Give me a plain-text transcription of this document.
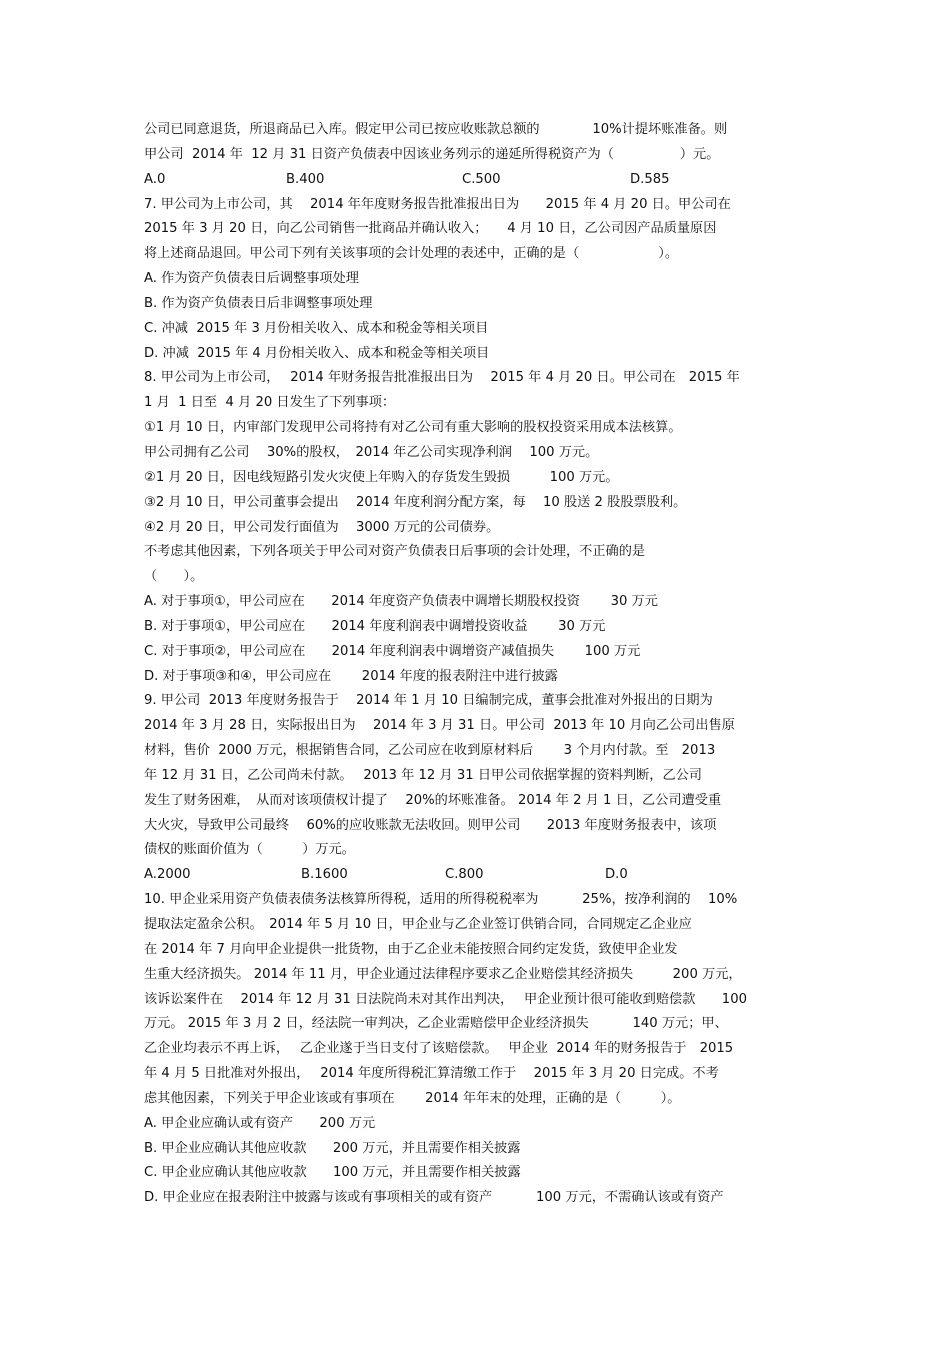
公司已同意退货，所退商品已入库。假定甲公司已按应收账款总额的　　　　10%计提坏账准备。则
甲公司  2014 年  12 月 31 日资产负债表中因该业务列示的递延所得税资产为（　　　　　）元。
A.0	B.400	C.500	D.585
7. 甲公司为上市公司，其　 2014 年年度财务报告批准报出日为　　2015 年 4 月 20 日。甲公司在
2015 年 3 月 20 日，向乙公司销售一批商品并确认收入；　　4 月 10 日，乙公司因产品质量原因
将上述商品退回。甲公司下列有关该事项的会计处理的表述中，正确的是（　　　　　　）。
A. 作为资产负债表日后调整事项处理
B. 作为资产负债表日后非调整事项处理
C. 冲减  2015 年 3 月份相关收入、成本和税金等相关项目
D. 冲减  2015 年 4 月份相关收入、成本和税金等相关项目
8. 甲公司为上市公司，　 2014 年财务报告批准报出日为　 2015 年 4 月 20 日。甲公司在　2015 年
1 月  1 日至  4 月 20 日发生了下列事项：
①1 月 10 日，内审部门发现甲公司将持有对乙公司有重大影响的股权投资采用成本法核算。
甲公司拥有乙公司　 30%的股权，　2014 年乙公司实现净利润　 100 万元。
②1 月 20 日，因电线短路引发火灾使上年购入的存货发生毁损　　　100 万元。
③2 月 10 日，甲公司董事会提出　 2014 年度利润分配方案，每　 10 股送 2 股股票股利。
④2 月 20 日，甲公司发行面值为　 3000 万元的公司债券。
不考虑其他因素，下列各项关于甲公司对资产负债表日后事项的会计处理，不正确的是
（　　）。
A. 对于事项①，甲公司应在　　2014 年度资产负债表中调增长期股权投资　　 30 万元
B. 对于事项①，甲公司应在　　2014 年度利润表中调增投资收益　　 30 万元
C. 对于事项②，甲公司应在　　2014 年度利润表中调增资产减值损失　　 100 万元
D. 对于事项③和④，甲公司应在　　 2014 年度的报表附注中进行披露
9. 甲公司  2013 年度财务报告于　 2014 年 1 月 10 日编制完成，董事会批准对外报出的日期为
2014 年 3 月 28 日，实际报出日为　 2014 年 3 月 31 日。甲公司  2013 年 10 月向乙公司出售原
材料，售价  2000 万元，根据销售合同，乙公司应在收到原材料后　　 3 个月内付款。至　2013
年 12 月 31 日，乙公司尚未付款。　 2013 年 12 月 31 日甲公司依据掌握的资料判断，乙公司
发生了财务困难，　从而对该项债权计提了　 20%的坏账准备。 2014 年 2 月 1 日，乙公司遭受重
大火灾，导致甲公司最终　 60%的应收账款无法收回。则甲公司　　2013 年度财务报表中，该项
债权的账面价值为（　　　）万元。
A.2000	B.1600	C.800	D.0
10. 甲企业采用资产负债表债务法核算所得税，适用的所得税税率为　　　 25%，按净利润的　 10%
提取法定盈余公积。　2014 年 5 月 10 日，甲企业与乙企业签订供销合同，合同规定乙企业应
在 2014 年 7 月向甲企业提供一批货物，由于乙企业未能按照合同约定发货，致使甲企业发
生重大经济损失。 2014 年 11 月，甲企业通过法律程序要求乙企业赔偿其经济损失　　　200 万元，
该诉讼案件在　 2014 年 12 月 31 日法院尚未对其作出判决，　 甲企业预计很可能收到赔偿款　　100
万元。 2015 年 3 月 2 日，经法院一审判决，乙企业需赔偿甲企业经济损失　　　 140 万元；甲、
乙企业均表示不再上诉，　 乙企业遂于当日支付了该赔偿款。　 甲企业  2014 年的财务报告于　2015
年 4 月 5 日批准对外报出，　 2014 年度所得税汇算清缴工作于　 2015 年 3 月 20 日完成。不考
虑其他因素，下列关于甲企业该或有事项在　　 2014 年年末的处理，正确的是（　　　）。
A. 甲企业应确认或有资产　　200 万元
B. 甲企业应确认其他应收款　　200 万元，并且需要作相关披露
C. 甲企业应确认其他应收款　　100 万元，并且需要作相关披露
D. 甲企业应在报表附注中披露与该或有事项相关的或有资产　　　 100 万元，不需确认该或有资产
